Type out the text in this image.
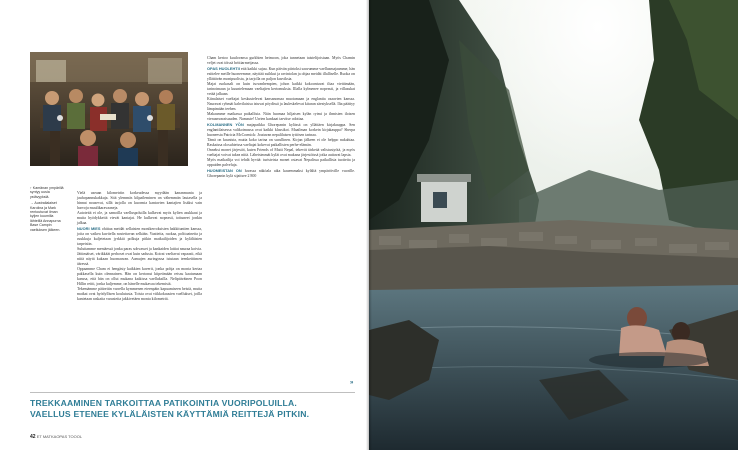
↑ Kamänan ympärillä syntyy uusia ystävyyksiä.

→ Australialaiset Karolina ja Mark rentoutuvat ilman kyljen kuumilla lähteillä Annapurna Base Campin vaelluksen jälkeen.

Vielä useaan kilometriin korkeudessa myydään kananmunia ja jauhopannukakkuja. Sitä ylemmäs kilpaileminen on vähemmän lautasella ja hinnat nousevat, sillä tarjolla on kuormia kantavien kantajien lisäksi vain harvoja muulikaravaaneja.

Autoteitä ei ole, ja samoilla vaelluspoluilla kulkevat myös kylien asukkaat ja muita hyödykkeitä vievät kantajat. He kulkevat nopeasti, tottuneet jonkin jalkaa.

NUORI MIES ohittaa meidät sellaisten monikerroksisten hakkituntien kanssa, joita on vaikea kuvitella nostettavan selkään. Vaatteita, ruokaa, polttoainetta ja ruukkuja kuljetetaan jyrkkiä polkuja pitkin matkailijoiden ja kyläläisten tarpeisiin.

Suluttamme mentäessä jonka paras sohvasset ja kankaiden lattiat nauraa koivia. Jättimäiset, värikkäät perhoset ovat kuin sadusta. Koirat vaeltavat vapaasti, eikä niitä näytä kukaan huomaavan. Aamujen auringossa istutaan teenkeittimen ääressä.

Oppaamme Cham ei hengästy kaikkien kaverit, jonka pohja on monta kertaa pakkasella kuin olennainen. Hän on kertonut kiipeämään reissu kaatamaan kanssa, että hän on ollut mukana kaikissa vaelluksilla. Nelipäiväinen Poon Hillin reitti, jonka kuljemme, on hänelle mukavaa tekemistä.

Tekemämme pääreitin varrella kymmenen eteenpäin kapuamiseen heistä, mutta matkat ovat hyödyllisen koulutusta. Toista ovat viikkokausien vaellukset, joilla kantetaan raskaita varusteita jakkivetäen monta kilometriä.

Cham kertoo kuulovansa gurkhien heimoon, joka tunnetaan taistelijoistaan. Myös Chamin veljet ovat töissä brittiarmeijassa.

OPAS HUOLEHTII että kaikki sujuu. Kun päivän piirtoksi saavumme vaellusmajaamme, hän esittelee meille huoneemme, näyttää suihkut ja ravintolan ja ohjaa meidät illalliselle. Ruoka on yllättävän monipuolista, ja tarjolla on paljon kasviksia.

Majat ruokasali on kuin isovanhempien, johon kaikki kokoontuvat iltaa viettämään, tarinoimaan ja kuuntelemaan vaeltajien kertomuksia. Illalla kylmenee nopeasti, ja villasukat vetää jalkaan.

Kiinalaiset vaeltajat keskustelevat kansanomaa muotamaan ja englantia osaavien kanssa. Nauravat ryhmät kahvilaisisa istuvat pöydissä ja lauleskelevat kitaran säestyksellä. Ilta päättyy lämpimään teehen.

Makaamme matkassa paikallisia. Näin huomaa hiljaisen kylän rytmi ja ihmisten iloisen vieraanvaraisuuden. Namaste! Urrien kankaat tarvitse odottaa.

KOLMANNEN YÖN majapaikka Ghorepanin kylässä on yllättäen kirjakauppa. Sen englantilaisessa valikoimassa ovat kaikki klassikot. Maailman korkein kirjakauppa? Sherpa huoneesta Patricia McCormick: Joutuvan nepalilaisen tyttösen tarinaa.

Tämä on kaunista, mutta koko tarina on surullinen. Kirjan jälkeen ei ole helppo nukahtaa. Raskaissa olosuhteissa vaeltajat kokevat paikallisten perhe-elämän.

Onneksi monet järjestöt, kuten Friends of Maiti Nepal, tekevät tärkeää valistustyötä, ja myös vaeltajat voivat tukea niitä. Läheisimmät kylät ovat mukana järjestöissä jotka auttavat lapsia.

Myös matkailija voi tehdä hyvää: turisteista monet ostavat Nepalissa paikallisia tuotteita ja oppaiden palveluja.

HUOMEISTAN ON luvassa näköala aika kauemmaksi kylältä ympäröiville vuorille. Ghorepanin kylä sijaitsee 2 800

»
TREKKAAMINEN TARKOITTAA PATIKOINTIA VUORIPOLUILLA.
VAELLUS ETENEE KYLÄLÄISTEN KÄYTTÄMIÄ REITTEJÄ PITKIN.
42 ET MATKAOPAS TOOOL
